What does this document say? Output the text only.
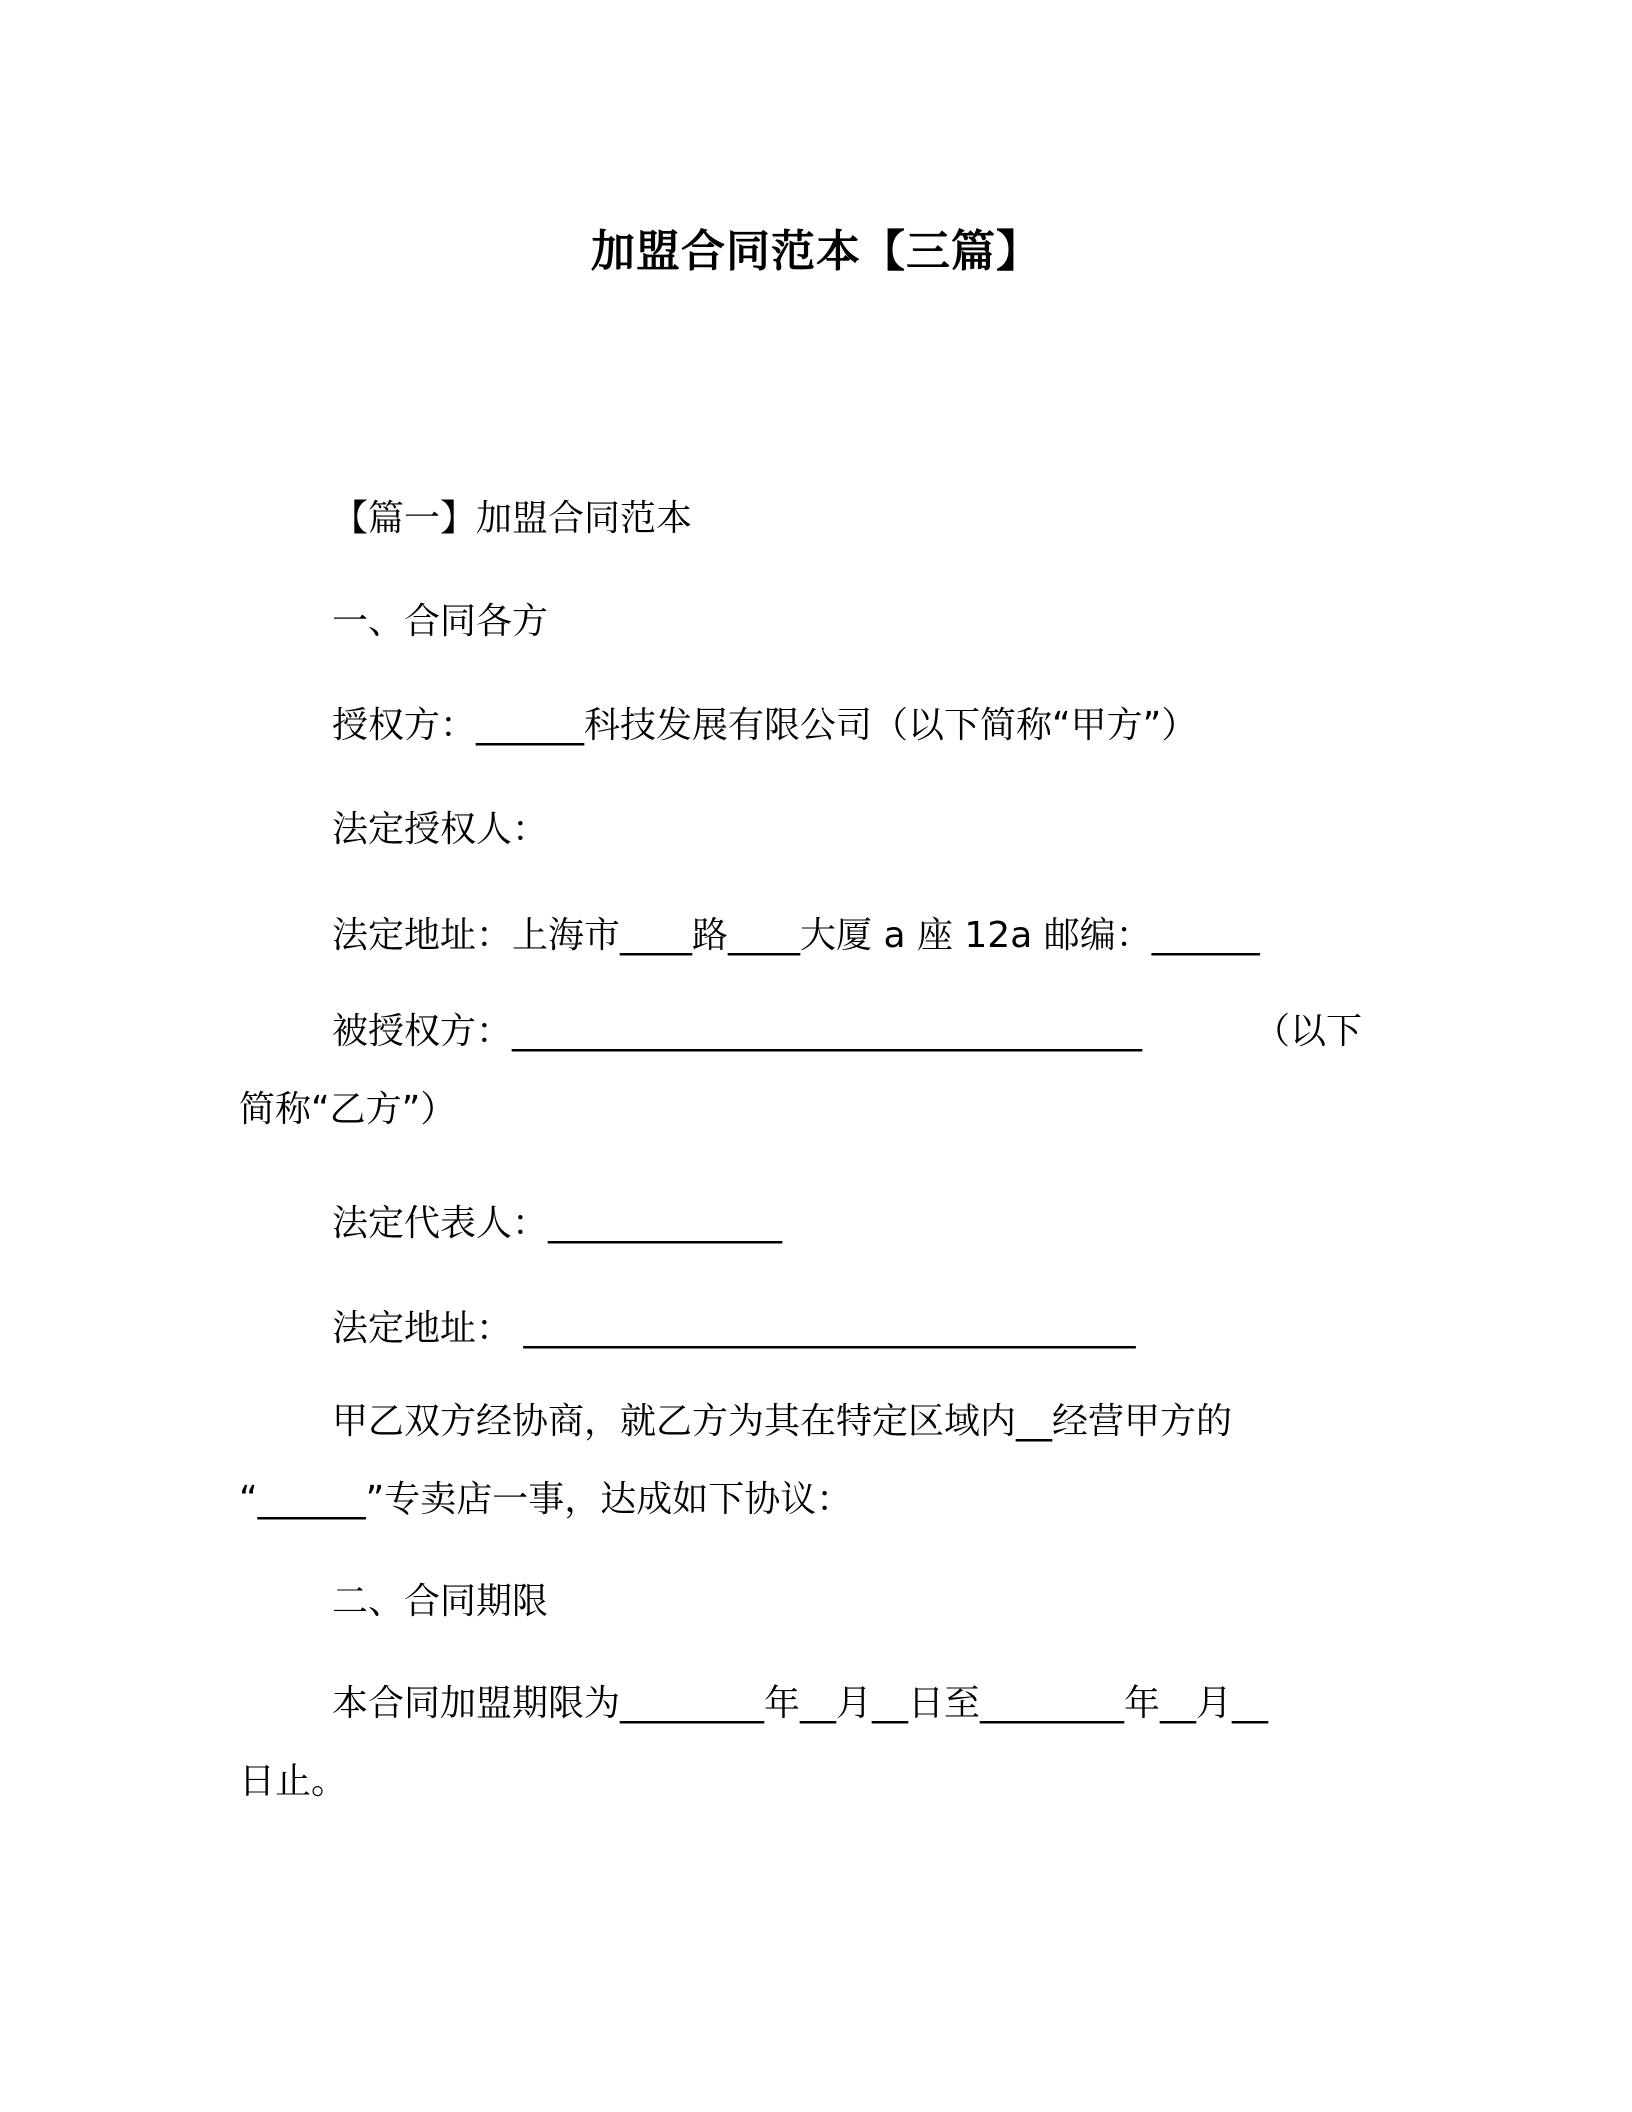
加盟合同范本【三篇】
【篇一】加盟合同范本
一、合同各方
授权方：______科技发展有限公司（以下简称“甲方”）
法定授权人：
法定地址：上海市____路____大厦 a 座 12a 邮编：______
被授权方：___________________________________	（以下
简称“乙方”）
法定代表人：_____________
法定地址： __________________________________
甲乙双方经协商，就乙方为其在特定区域内__经营甲方的
“______”专卖店一事，达成如下协议：
二、合同期限
本合同加盟期限为________年__月__日至________年__月__
日止。
